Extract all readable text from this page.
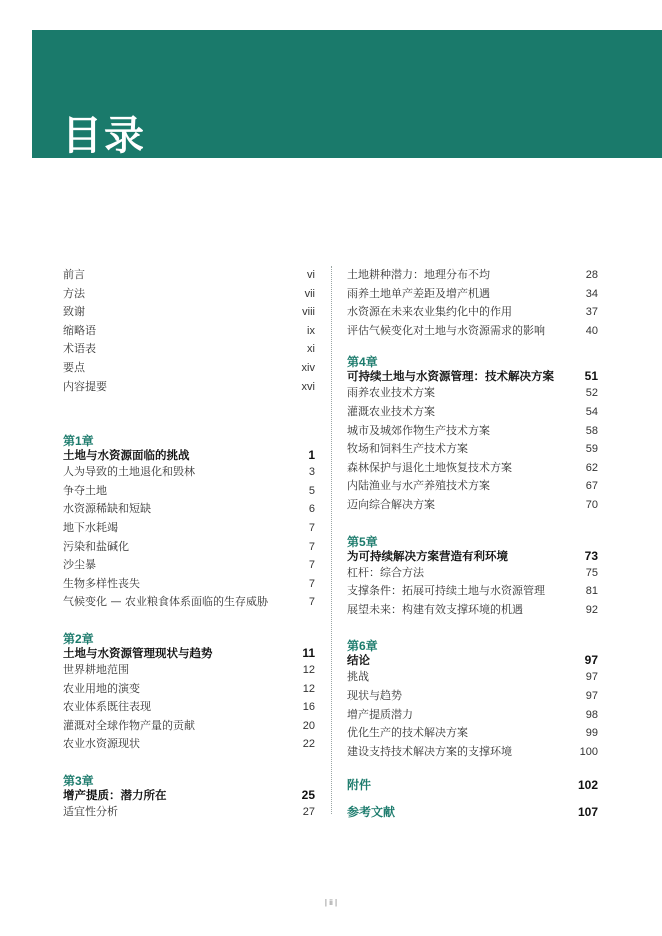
目录
前言	vi
方法	vii
致谢	viii
缩略语	ix
术语表	xi
要点	xiv
内容提要	xvi
第1章
土地与水资源面临的挑战	1
人为导致的土地退化和毁林	3
争夺土地	5
水资源稀缺和短缺	6
地下水耗竭	7
污染和盐碱化	7
沙尘暴	7
生物多样性丧失	7
气候变化 — 农业粮食体系面临的生存威胁	7
第2章
土地与水资源管理现状与趋势	11
世界耕地范围	12
农业用地的演变	12
农业体系既往表现	16
灌溉对全球作物产量的贡献	20
农业水资源现状	22
第3章
增产提质：潜力所在	25
适宜性分析	27
土地耕种潜力：地理分布不均	28
雨养土地单产差距及增产机遇	34
水资源在未来农业集约化中的作用	37
评估气候变化对土地与水资源需求的影响	40
第4章
可持续土地与水资源管理：技术解决方案	51
雨养农业技术方案	52
灌溉农业技术方案	54
城市及城郊作物生产技术方案	58
牧场和饲料生产技术方案	59
森林保护与退化土地恢复技术方案	62
内陆渔业与水产养殖技术方案	67
迈向综合解决方案	70
第5章
为可持续解决方案营造有利环境	73
杠杆：综合方法	75
支撑条件：拓展可持续土地与水资源管理	81
展望未来：构建有效支撑环境的机遇	92
第6章
结论	97
挑战	97
现状与趋势	97
增产提质潜力	98
优化生产的技术解决方案	99
建设支持技术解决方案的支撑环境	100
附件	102
参考文献	107
| ii |
